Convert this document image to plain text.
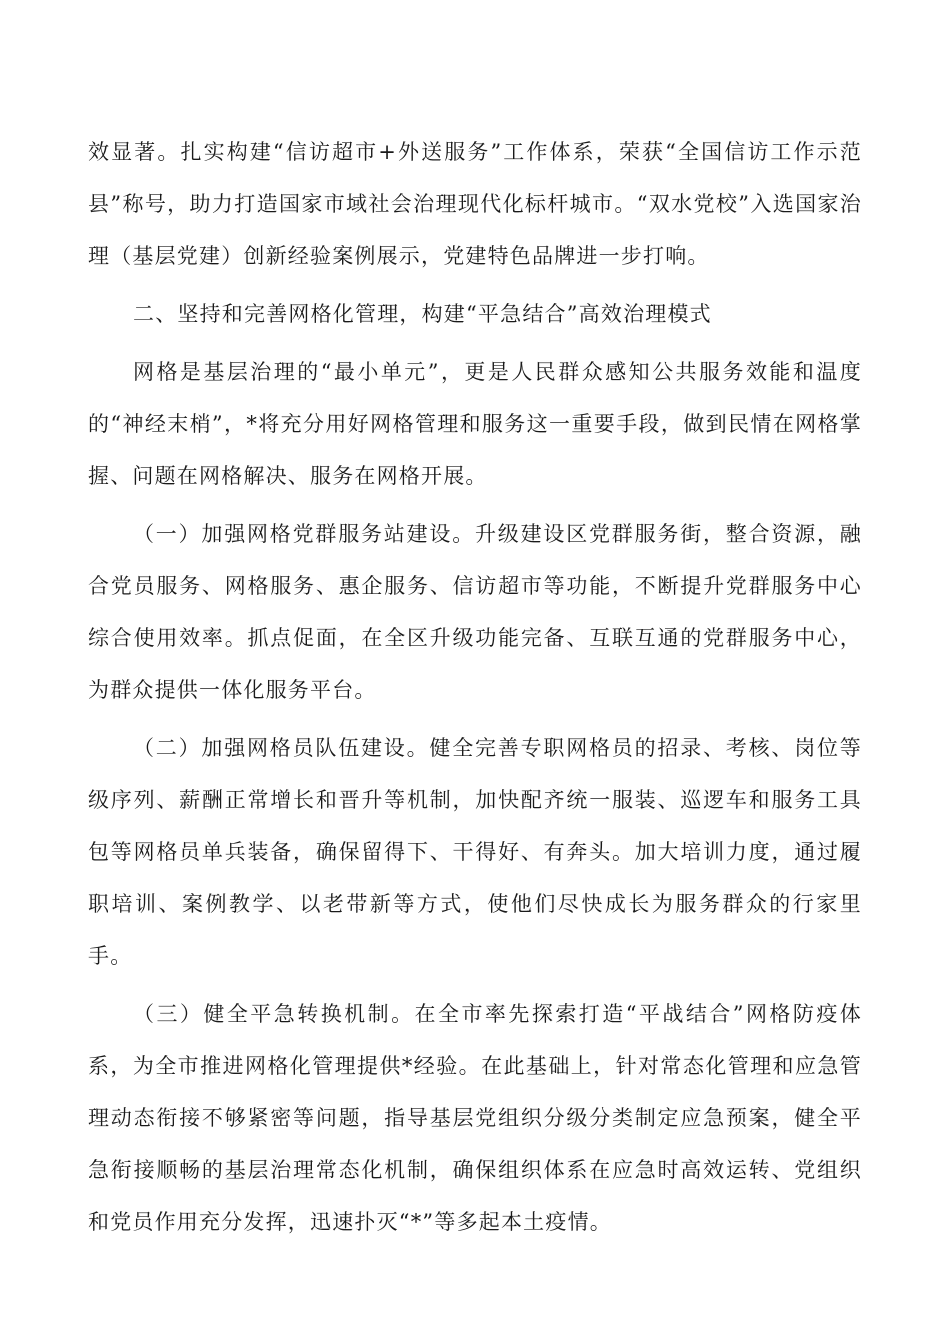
效显著。扎实构建“信访超市+外送服务”工作体系，荣获“全国信访工作示范县”称号，助力打造国家市域社会治理现代化标杆城市。“双水党校”入选国家治理（基层党建）创新经验案例展示，党建特色品牌进一步打响。

二、坚持和完善网格化管理，构建“平急结合”高效治理模式

网格是基层治理的“最小单元”，更是人民群众感知公共服务效能和温度的“神经末梢”，*将充分用好网格管理和服务这一重要手段，做到民情在网格掌握、问题在网格解决、服务在网格开展。

（一）加强网格党群服务站建设。升级建设区党群服务街，整合资源，融合党员服务、网格服务、惠企服务、信访超市等功能，不断提升党群服务中心综合使用效率。抓点促面，在全区升级功能完备、互联互通的党群服务中心，为群众提供一体化服务平台。

（二）加强网格员队伍建设。健全完善专职网格员的招录、考核、岗位等级序列、薪酬正常增长和晋升等机制，加快配齐统一服装、巡逻车和服务工具包等网格员单兵装备，确保留得下、干得好、有奔头。加大培训力度，通过履职培训、案例教学、以老带新等方式，使他们尽快成长为服务群众的行家里手。

（三）健全平急转换机制。在全市率先探索打造“平战结合”网格防疫体系，为全市推进网格化管理提供*经验。在此基础上，针对常态化管理和应急管理动态衔接不够紧密等问题，指导基层党组织分级分类制定应急预案，健全平急衔接顺畅的基层治理常态化机制，确保组织体系在应急时高效运转、党组织和党员作用充分发挥，迅速扑灭“*”等多起本土疫情。
